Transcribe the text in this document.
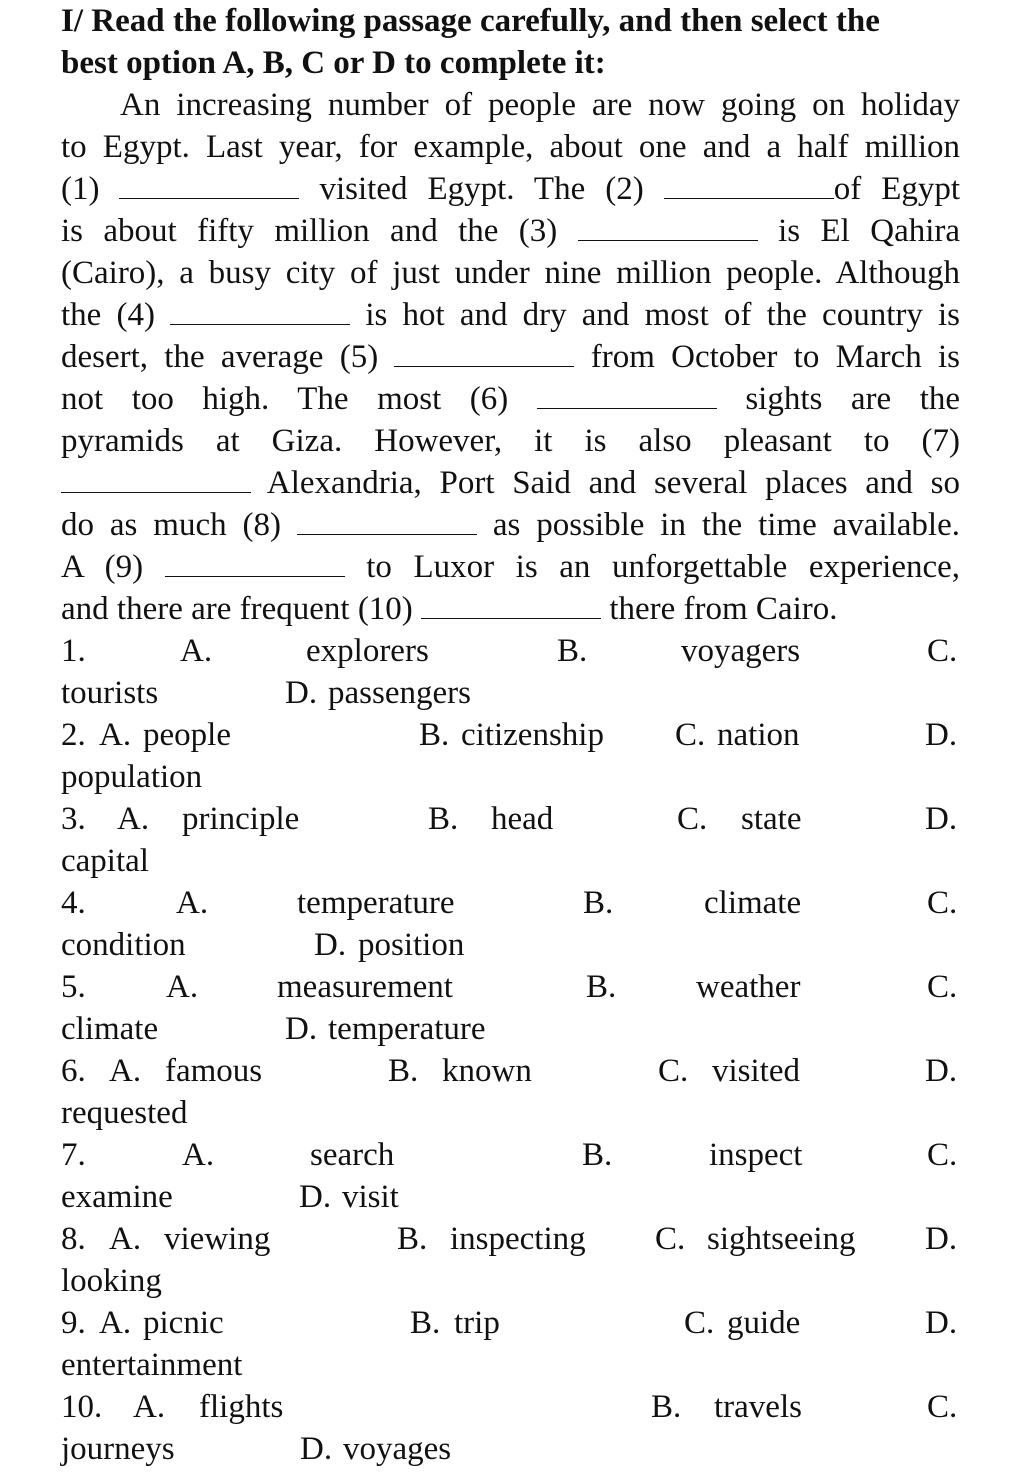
I/ Read the following passage carefully, and then select the
best option A, B, C or D to complete it:
An increasing number of people are now going on holiday
to Egypt. Last year, for example, about one and a half million
(1)	visited Egypt. The (2)	of Egypt
is about fifty million and the (3)	is El Qahira
(Cairo), a busy city of just under nine million people. Although
the (4)	is hot and dry and most of the country is
desert, the average (5)	from October to March is
not too high. The most (6)	sights are the
pyramids at Giza. However, it is also pleasant to (7)
Alexandria, Port Said and several places and so
do as much (8)	as possible in the time available.
A (9)	to Luxor is an unforgettable experience,
and there are frequent (10)	there from Cairo.
1.	A.	explorers	B.	voyagers	C.
tourists	D. passengers
2. A. people	B. citizenship C. nation	D.
population
3. A. principle	B. head	C. state	D.
capital
4.	A.	temperature	B.	climate	C.
condition	D. position
5. A. measurement	B. weather	C.
climate	D. temperature
6. A. famous	B. known	C. visited	D.
requested
7.	A.	search	B.	inspect	C.
examine	D. visit
8. A. viewing	B. inspecting C. sightseeing D.
looking
9. A. picnic	B. trip	C. guide	D.
entertainment
10. A. flights	B. travels	C.
journeys	D. voyages
